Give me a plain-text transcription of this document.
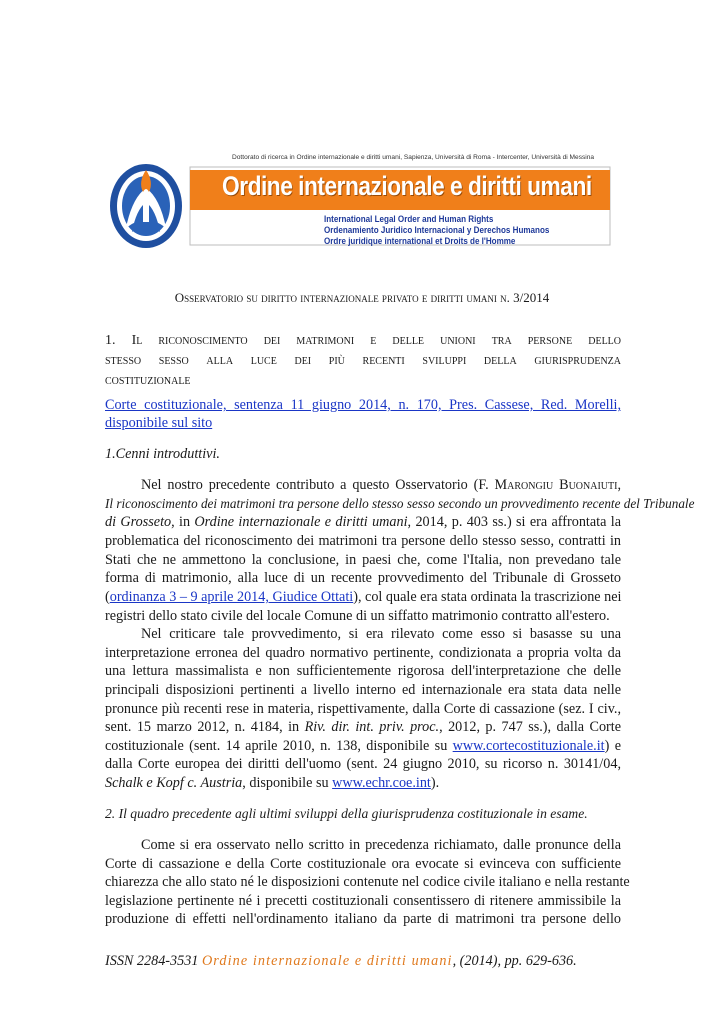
Dottorato di ricerca in Ordine internazionale e diritti umani, Sapienza, Università di Roma - Intercenter, Università di Messina
Ordine internazionale e diritti umani
International Legal Order and Human Rights
Ordenamiento Juridico Internacional y Derechos Humanos
Ordre juridique international et Droits de l'Homme
Osservatorio su diritto internazionale privato e diritti umani n. 3/2014
1. Il riconoscimento dei matrimoni e delle unioni tra persone dello
stesso sesso alla luce dei più recenti sviluppi della giurisprudenza
costituzionale
Corte costituzionale, sentenza 11 giugno 2014, n. 170, Pres. Cassese, Red. Morelli,
disponibile sul sito
1.Cenni introduttivi.
Nel nostro precedente contributo a questo Osservatorio (F. Marongiu Buonaiuti,
Il riconoscimento dei matrimoni tra persone dello stesso sesso secondo un provvedimento recente del Tribunale
di Grosseto, in Ordine internazionale e diritti umani, 2014, p. 403 ss.) si era affrontata la
problematica del riconoscimento dei matrimoni tra persone dello stesso sesso, contratti in
Stati che ne ammettono la conclusione, in paesi che, come l'Italia, non prevedano tale
forma di matrimonio, alla luce di un recente provvedimento del Tribunale di Grosseto
(ordinanza 3 – 9 aprile 2014, Giudice Ottati), col quale era stata ordinata la trascrizione nei
registri dello stato civile del locale Comune di un siffatto matrimonio contratto all'estero.
Nel criticare tale provvedimento, si era rilevato come esso si basasse su una
interpretazione erronea del quadro normativo pertinente, condizionata a propria volta da
una lettura massimalista e non sufficientemente rigorosa dell'interpretazione che delle
principali disposizioni pertinenti a livello interno ed internazionale era stata data nelle
pronunce più recenti rese in materia, rispettivamente, dalla Corte di cassazione (sez. I civ.,
sent. 15 marzo 2012, n. 4184, in Riv. dir. int. priv. proc., 2012, p. 747 ss.), dalla Corte
costituzionale (sent. 14 aprile 2010, n. 138, disponibile su www.cortecostituzionale.it) e
dalla Corte europea dei diritti dell'uomo (sent. 24 giugno 2010, su ricorso n. 30141/04,
Schalk e Kopf c. Austria, disponibile su www.echr.coe.int).
2. Il quadro precedente agli ultimi sviluppi della giurisprudenza costituzionale in esame.
Come si era osservato nello scritto in precedenza richiamato, dalle pronunce della
Corte di cassazione e della Corte costituzionale ora evocate si evinceva con sufficiente
chiarezza che allo stato né le disposizioni contenute nel codice civile italiano e nella restante
legislazione pertinente né i precetti costituzionali consentissero di ritenere ammissibile la
produzione di effetti nell'ordinamento italiano da parte di matrimoni tra persone dello
ISSN 2284-3531 Ordine internazionale e diritti umani, (2014), pp. 629-636.
